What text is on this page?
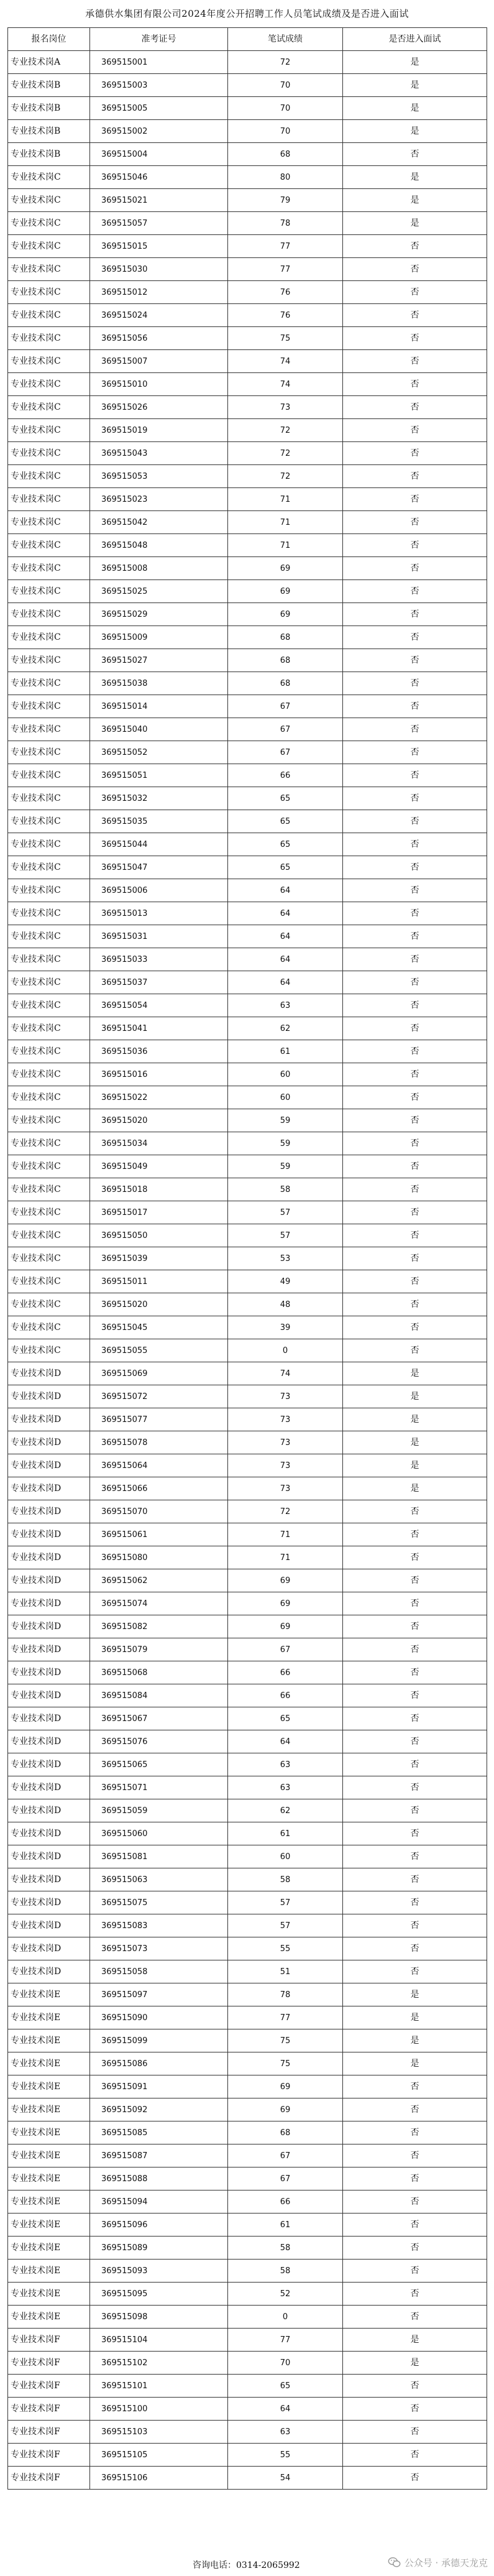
承德供水集团有限公司2024年度公开招聘工作人员笔试成绩及是否进入面试
报名岗位	准考证号	笔试成绩	是否进入面试
专业技术岗A	369515001	72	是
专业技术岗B	369515003	70	是
专业技术岗B	369515005	70	是
专业技术岗B	369515002	70	是
专业技术岗B	369515004	68	否
专业技术岗C	369515046	80	是
专业技术岗C	369515021	79	是
专业技术岗C	369515057	78	是
专业技术岗C	369515015	77	否
专业技术岗C	369515030	77	否
专业技术岗C	369515012	76	否
专业技术岗C	369515024	76	否
专业技术岗C	369515056	75	否
专业技术岗C	369515007	74	否
专业技术岗C	369515010	74	否
专业技术岗C	369515026	73	否
专业技术岗C	369515019	72	否
专业技术岗C	369515043	72	否
专业技术岗C	369515053	72	否
专业技术岗C	369515023	71	否
专业技术岗C	369515042	71	否
专业技术岗C	369515048	71	否
专业技术岗C	369515008	69	否
专业技术岗C	369515025	69	否
专业技术岗C	369515029	69	否
专业技术岗C	369515009	68	否
专业技术岗C	369515027	68	否
专业技术岗C	369515038	68	否
专业技术岗C	369515014	67	否
专业技术岗C	369515040	67	否
专业技术岗C	369515052	67	否
专业技术岗C	369515051	66	否
专业技术岗C	369515032	65	否
专业技术岗C	369515035	65	否
专业技术岗C	369515044	65	否
专业技术岗C	369515047	65	否
专业技术岗C	369515006	64	否
专业技术岗C	369515013	64	否
专业技术岗C	369515031	64	否
专业技术岗C	369515033	64	否
专业技术岗C	369515037	64	否
专业技术岗C	369515054	63	否
专业技术岗C	369515041	62	否
专业技术岗C	369515036	61	否
专业技术岗C	369515016	60	否
专业技术岗C	369515022	60	否
专业技术岗C	369515020	59	否
专业技术岗C	369515034	59	否
专业技术岗C	369515049	59	否
专业技术岗C	369515018	58	否
专业技术岗C	369515017	57	否
专业技术岗C	369515050	57	否
专业技术岗C	369515039	53	否
专业技术岗C	369515011	49	否
专业技术岗C	369515020	48	否
专业技术岗C	369515045	39	否
专业技术岗C	369515055	0	否
专业技术岗D	369515069	74	是
专业技术岗D	369515072	73	是
专业技术岗D	369515077	73	是
专业技术岗D	369515078	73	是
专业技术岗D	369515064	73	是
专业技术岗D	369515066	73	是
专业技术岗D	369515070	72	否
专业技术岗D	369515061	71	否
专业技术岗D	369515080	71	否
专业技术岗D	369515062	69	否
专业技术岗D	369515074	69	否
专业技术岗D	369515082	69	否
专业技术岗D	369515079	67	否
专业技术岗D	369515068	66	否
专业技术岗D	369515084	66	否
专业技术岗D	369515067	65	否
专业技术岗D	369515076	64	否
专业技术岗D	369515065	63	否
专业技术岗D	369515071	63	否
专业技术岗D	369515059	62	否
专业技术岗D	369515060	61	否
专业技术岗D	369515081	60	否
专业技术岗D	369515063	58	否
专业技术岗D	369515075	57	否
专业技术岗D	369515083	57	否
专业技术岗D	369515073	55	否
专业技术岗D	369515058	51	否
专业技术岗E	369515097	78	是
专业技术岗E	369515090	77	是
专业技术岗E	369515099	75	是
专业技术岗E	369515086	75	是
专业技术岗E	369515091	69	否
专业技术岗E	369515092	69	否
专业技术岗E	369515085	68	否
专业技术岗E	369515087	67	否
专业技术岗E	369515088	67	否
专业技术岗E	369515094	66	否
专业技术岗E	369515096	61	否
专业技术岗E	369515089	58	否
专业技术岗E	369515093	58	否
专业技术岗E	369515095	52	否
专业技术岗E	369515098	0	否
专业技术岗F	369515104	77	是
专业技术岗F	369515102	70	是
专业技术岗F	369515101	65	否
专业技术岗F	369515100	64	否
专业技术岗F	369515103	63	否
专业技术岗F	369515105	55	否
专业技术岗F	369515106	54	否
咨询电话：0314-2065992	公众号 · 承德天龙克
